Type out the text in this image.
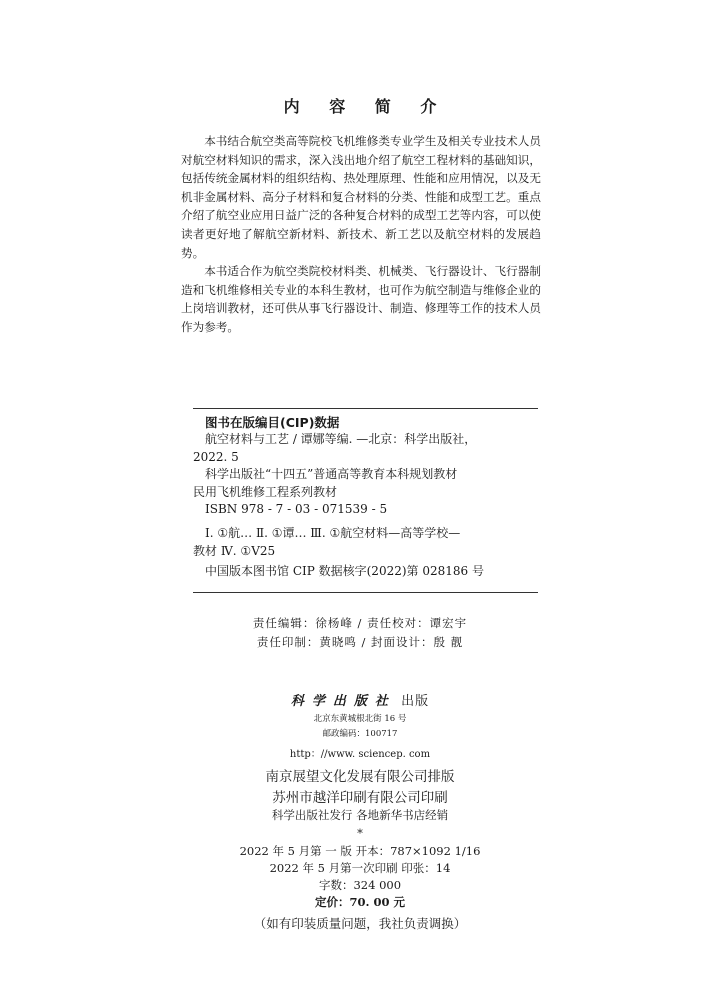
内 容 简 介

本书结合航空类高等院校飞机维修类专业学生及相关专业技术人员对航空材料知识的需求，深入浅出地介绍了航空工程材料的基础知识，包括传统金属材料的组织结构、热处理原理、性能和应用情况，以及无机非金属材料、高分子材料和复合材料的分类、性能和成型工艺。重点介绍了航空业应用日益广泛的各种复合材料的成型工艺等内容，可以使读者更好地了解航空新材料、新技术、新工艺以及航空材料的发展趋势。

本书适合作为航空类院校材料类、机械类、飞行器设计、飞行器制造和飞机维修相关专业的本科生教材，也可作为航空制造与维修企业的上岗培训教材，还可供从事飞行器设计、制造、修理等工作的技术人员作为参考。

图书在版编目(CIP)数据
航空材料与工艺 / 谭娜等编. —北京：科学出版社，
2022. 5
科学出版社“十四五”普通高等教育本科规划教材
民用飞机维修工程系列教材
ISBN 978 - 7 - 03 - 071539 - 5
Ⅰ. ①航… Ⅱ. ①谭… Ⅲ. ①航空材料—高等学校—
教材 Ⅳ. ①V25
中国版本图书馆 CIP 数据核字(2022)第 028186 号
责任编辑：徐杨峰 / 责任校对：谭宏宇
责任印制：黄晓鸣 / 封面设计：殷 靓
科学出版社 出版
北京东黄城根北街 16 号
邮政编码：100717
http：//www. sciencep. com
南京展望文化发展有限公司排版
苏州市越洋印刷有限公司印刷
科学出版社发行 各地新华书店经销
*
2022 年 5 月第 一 版 开本：787×1092 1/16
2022 年 5 月第一次印刷 印张：14
字数：324 000
定价：70. 00 元
（如有印装质量问题，我社负责调换）
